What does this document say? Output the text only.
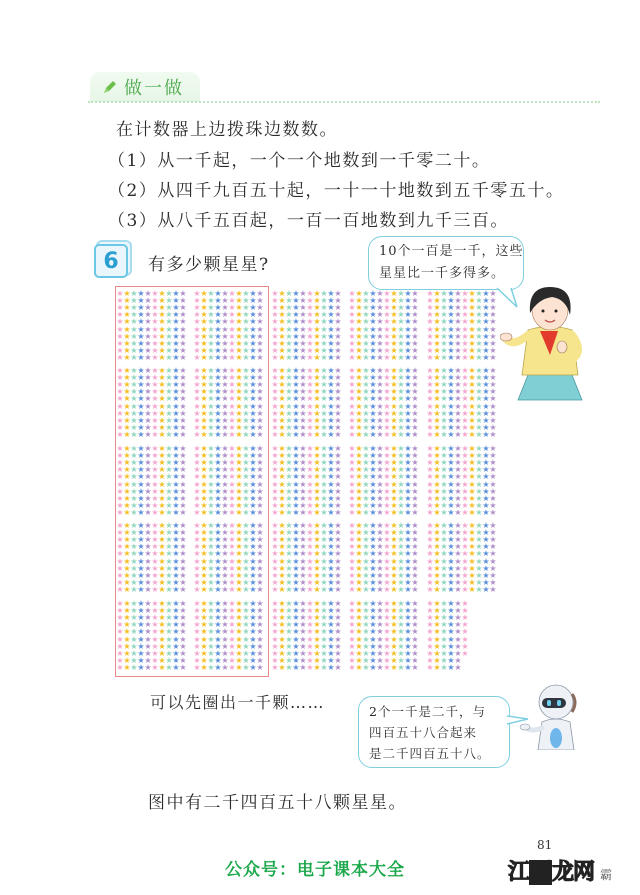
做一做
在计数器上边拨珠边数数。
（1）从一千起，一个一个地数到一千零二十。
（2）从四千九百五十起，一十一十地数到五千零五十。
（3）从八千五百起，一百一百地数到九千三百。
6	有多少颗星星?
10个一百是一千，这些
星星比一千多得多。
★ ★ ★ ★ ★ ★ ★ ★ ★ ★
★ ★ ★ ★ ★ ★ ★ ★ ★ ★
★ ★ ★ ★ ★ ★ ★ ★ ★ ★
★ ★ ★ ★ ★ ★ ★ ★ ★ ★
★ ★ ★ ★ ★ ★ ★ ★ ★ ★
★ ★ ★ ★ ★ ★ ★ ★ ★ ★
★ ★ ★ ★ ★ ★ ★ ★ ★ ★
★ ★ ★ ★ ★ ★ ★ ★ ★ ★
★ ★ ★ ★ ★ ★ ★ ★ ★ ★
★ ★ ★ ★ ★ ★ ★ ★ ★ ★
★ ★ ★ ★ ★ ★ ★ ★ ★ ★
★ ★ ★ ★ ★ ★ ★ ★ ★ ★
★ ★ ★ ★ ★ ★ ★ ★ ★ ★
★ ★ ★ ★ ★ ★ ★ ★ ★ ★
★ ★ ★ ★ ★ ★ ★ ★ ★ ★
★ ★ ★ ★ ★ ★ ★ ★ ★ ★
★ ★ ★ ★ ★ ★ ★ ★ ★ ★
★ ★ ★ ★ ★ ★ ★ ★ ★ ★
★ ★ ★ ★ ★ ★ ★ ★ ★ ★
★ ★ ★ ★ ★ ★ ★ ★ ★ ★
★ ★ ★ ★ ★ ★ ★ ★ ★ ★
★ ★ ★ ★ ★ ★ ★ ★ ★ ★
★ ★ ★ ★ ★ ★ ★ ★ ★ ★
★ ★ ★ ★ ★ ★ ★ ★ ★ ★
★ ★ ★ ★ ★ ★ ★ ★ ★ ★
★ ★ ★ ★ ★ ★ ★ ★ ★ ★
★ ★ ★ ★ ★ ★ ★ ★ ★ ★
★ ★ ★ ★ ★ ★ ★ ★ ★ ★
★ ★ ★ ★ ★ ★ ★ ★ ★ ★
★ ★ ★ ★ ★ ★ ★ ★ ★ ★
★ ★ ★ ★ ★ ★ ★ ★ ★ ★
★ ★ ★ ★ ★ ★ ★ ★ ★ ★
★ ★ ★ ★ ★ ★ ★ ★ ★ ★
★ ★ ★ ★ ★ ★ ★ ★ ★ ★
★ ★ ★ ★ ★ ★ ★ ★ ★ ★
★ ★ ★ ★ ★ ★ ★ ★ ★ ★
★ ★ ★ ★ ★ ★ ★ ★ ★ ★
★ ★ ★ ★ ★ ★ ★ ★ ★ ★
★ ★ ★ ★ ★ ★ ★ ★ ★ ★
★ ★ ★ ★ ★ ★ ★ ★ ★ ★
★ ★ ★ ★ ★ ★ ★ ★ ★ ★
★ ★ ★ ★ ★ ★ ★ ★ ★ ★
★ ★ ★ ★ ★ ★ ★ ★ ★ ★
★ ★ ★ ★ ★ ★ ★ ★ ★ ★
★ ★ ★ ★ ★ ★ ★ ★ ★ ★
★ ★ ★ ★ ★ ★ ★ ★ ★ ★
★ ★ ★ ★ ★ ★ ★ ★ ★ ★
★ ★ ★ ★ ★ ★ ★ ★ ★ ★
★ ★ ★ ★ ★ ★ ★ ★ ★ ★
★ ★ ★ ★ ★ ★ ★ ★ ★ ★
★ ★ ★ ★ ★ ★ ★ ★ ★ ★
★ ★ ★ ★ ★ ★ ★ ★ ★ ★
★ ★ ★ ★ ★ ★ ★ ★ ★ ★
★ ★ ★ ★ ★ ★ ★ ★ ★ ★
★ ★ ★ ★ ★ ★ ★ ★ ★ ★
★ ★ ★ ★ ★ ★ ★ ★ ★ ★
★ ★ ★ ★ ★ ★ ★ ★ ★ ★
★ ★ ★ ★ ★ ★ ★ ★ ★ ★
★ ★ ★ ★ ★ ★ ★ ★ ★ ★
★ ★ ★ ★ ★ ★ ★ ★ ★ ★
★ ★ ★ ★ ★ ★ ★ ★ ★ ★
★ ★ ★ ★ ★ ★ ★ ★ ★ ★
★ ★ ★ ★ ★ ★ ★ ★ ★ ★
★ ★ ★ ★ ★ ★ ★ ★ ★ ★
★ ★ ★ ★ ★ ★ ★ ★ ★ ★
★ ★ ★ ★ ★ ★ ★ ★ ★ ★
★ ★ ★ ★ ★ ★ ★ ★ ★ ★
★ ★ ★ ★ ★ ★ ★ ★ ★ ★
★ ★ ★ ★ ★ ★ ★ ★ ★ ★
★ ★ ★ ★ ★ ★ ★ ★ ★ ★
★ ★ ★ ★ ★ ★ ★ ★ ★ ★
★ ★ ★ ★ ★ ★ ★ ★ ★ ★
★ ★ ★ ★ ★ ★ ★ ★ ★ ★
★ ★ ★ ★ ★ ★ ★ ★ ★ ★
★ ★ ★ ★ ★ ★ ★ ★ ★ ★
★ ★ ★ ★ ★ ★ ★ ★ ★ ★
★ ★ ★ ★ ★ ★ ★ ★ ★ ★
★ ★ ★ ★ ★ ★ ★ ★ ★ ★
★ ★ ★ ★ ★ ★ ★ ★ ★ ★
★ ★ ★ ★ ★ ★ ★ ★ ★ ★
★ ★ ★ ★ ★ ★ ★ ★ ★ ★
★ ★ ★ ★ ★ ★ ★ ★ ★ ★
★ ★ ★ ★ ★ ★ ★ ★ ★ ★
★ ★ ★ ★ ★ ★ ★ ★ ★ ★
★ ★ ★ ★ ★ ★ ★ ★ ★ ★
★ ★ ★ ★ ★ ★ ★ ★ ★ ★
★ ★ ★ ★ ★ ★ ★ ★ ★ ★
★ ★ ★ ★ ★ ★ ★ ★ ★ ★
★ ★ ★ ★ ★ ★ ★ ★ ★ ★
★ ★ ★ ★ ★ ★ ★ ★ ★ ★
★ ★ ★ ★ ★ ★ ★ ★ ★ ★
★ ★ ★ ★ ★ ★ ★ ★ ★ ★
★ ★ ★ ★ ★ ★ ★ ★ ★ ★
★ ★ ★ ★ ★ ★ ★ ★ ★ ★
★ ★ ★ ★ ★ ★ ★ ★ ★ ★
★ ★ ★ ★ ★ ★ ★ ★ ★ ★
★ ★ ★ ★ ★ ★ ★ ★ ★ ★
★ ★ ★ ★ ★ ★ ★ ★ ★ ★
★ ★ ★ ★ ★ ★ ★ ★ ★ ★
★ ★ ★ ★ ★ ★ ★ ★ ★ ★
★ ★ ★ ★ ★ ★ ★ ★ ★ ★
★ ★ ★ ★ ★ ★ ★ ★ ★ ★
★ ★ ★ ★ ★ ★ ★ ★ ★ ★
★ ★ ★ ★ ★ ★ ★ ★ ★ ★
★ ★ ★ ★ ★ ★ ★ ★ ★ ★
★ ★ ★ ★ ★ ★ ★ ★ ★ ★
★ ★ ★ ★ ★ ★ ★ ★ ★ ★
★ ★ ★ ★ ★ ★ ★ ★ ★ ★
★ ★ ★ ★ ★ ★ ★ ★ ★ ★
★ ★ ★ ★ ★ ★ ★ ★ ★ ★
★ ★ ★ ★ ★ ★ ★ ★ ★ ★
★ ★ ★ ★ ★ ★ ★ ★ ★ ★
★ ★ ★ ★ ★ ★ ★ ★ ★ ★
★ ★ ★ ★ ★ ★ ★ ★ ★ ★
★ ★ ★ ★ ★ ★ ★ ★ ★ ★
★ ★ ★ ★ ★ ★ ★ ★ ★ ★
★ ★ ★ ★ ★ ★ ★ ★ ★ ★
★ ★ ★ ★ ★ ★ ★ ★ ★ ★
★ ★ ★ ★ ★ ★ ★ ★ ★ ★
★ ★ ★ ★ ★ ★ ★ ★ ★ ★
★ ★ ★ ★ ★ ★ ★ ★ ★ ★
★ ★ ★ ★ ★ ★ ★ ★ ★ ★
★ ★ ★ ★ ★ ★ ★ ★ ★ ★
★ ★ ★ ★ ★ ★ ★ ★ ★ ★
★ ★ ★ ★ ★ ★ ★ ★ ★ ★
★ ★ ★ ★ ★ ★ ★ ★ ★ ★
★ ★ ★ ★ ★ ★ ★ ★ ★ ★
★ ★ ★ ★ ★ ★ ★ ★ ★ ★
★ ★ ★ ★ ★ ★ ★ ★ ★ ★
★ ★ ★ ★ ★ ★ ★ ★ ★ ★
★ ★ ★ ★ ★ ★ ★ ★ ★ ★
★ ★ ★ ★ ★ ★ ★ ★ ★ ★
★ ★ ★ ★ ★ ★ ★ ★ ★ ★
★ ★ ★ ★ ★ ★ ★ ★ ★ ★
★ ★ ★ ★ ★ ★ ★ ★ ★ ★
★ ★ ★ ★ ★ ★ ★ ★ ★ ★
★ ★ ★ ★ ★ ★ ★ ★ ★ ★
★ ★ ★ ★ ★ ★ ★ ★ ★ ★
★ ★ ★ ★ ★ ★ ★ ★ ★ ★
★ ★ ★ ★ ★ ★ ★ ★ ★ ★
★ ★ ★ ★ ★ ★ ★ ★ ★ ★
★ ★ ★ ★ ★ ★ ★ ★ ★ ★
★ ★ ★ ★ ★ ★ ★ ★ ★ ★
★ ★ ★ ★ ★ ★ ★ ★ ★ ★
★ ★ ★ ★ ★ ★ ★ ★ ★ ★
★ ★ ★ ★ ★ ★ ★ ★ ★ ★
★ ★ ★ ★ ★ ★ ★ ★ ★ ★
★ ★ ★ ★ ★ ★ ★ ★ ★ ★
★ ★ ★ ★ ★ ★ ★ ★ ★ ★
★ ★ ★ ★ ★ ★ ★ ★ ★ ★
★ ★ ★ ★ ★ ★ ★ ★ ★ ★
★ ★ ★ ★ ★ ★ ★ ★ ★ ★
★ ★ ★ ★ ★ ★ ★ ★ ★ ★
★ ★ ★ ★ ★ ★ ★ ★ ★ ★
★ ★ ★ ★ ★ ★ ★ ★ ★ ★
★ ★ ★ ★ ★ ★ ★ ★ ★ ★
★ ★ ★ ★ ★ ★ ★ ★ ★ ★
★ ★ ★ ★ ★ ★ ★ ★ ★ ★
★ ★ ★ ★ ★ ★ ★ ★ ★ ★
★ ★ ★ ★ ★ ★ ★ ★ ★ ★
★ ★ ★ ★ ★ ★ ★ ★ ★ ★
★ ★ ★ ★ ★ ★ ★ ★ ★ ★
★ ★ ★ ★ ★ ★ ★ ★ ★ ★
★ ★ ★ ★ ★ ★ ★ ★ ★ ★
★ ★ ★ ★ ★ ★ ★ ★ ★ ★
★ ★ ★ ★ ★ ★ ★ ★ ★ ★
★ ★ ★ ★ ★ ★ ★ ★ ★ ★
★ ★ ★ ★ ★ ★ ★ ★ ★ ★
★ ★ ★ ★ ★ ★ ★ ★ ★ ★
★ ★ ★ ★ ★ ★ ★ ★ ★ ★
★ ★ ★ ★ ★ ★ ★ ★ ★ ★
★ ★ ★ ★ ★ ★ ★ ★ ★ ★
★ ★ ★ ★ ★ ★ ★ ★ ★ ★
★ ★ ★ ★ ★ ★ ★ ★ ★ ★
★ ★ ★ ★ ★ ★ ★ ★ ★ ★
★ ★ ★ ★ ★ ★ ★ ★ ★ ★
★ ★ ★ ★ ★ ★ ★ ★ ★ ★
★ ★ ★ ★ ★ ★ ★ ★ ★ ★
★ ★ ★ ★ ★ ★ ★ ★ ★ ★
★ ★ ★ ★ ★ ★ ★ ★ ★ ★
★ ★ ★ ★ ★ ★ ★ ★ ★ ★
★ ★ ★ ★ ★ ★ ★ ★ ★ ★
★ ★ ★ ★ ★ ★ ★ ★ ★ ★
★ ★ ★ ★ ★ ★ ★ ★ ★ ★
★ ★ ★ ★ ★ ★ ★ ★ ★ ★
★ ★ ★ ★ ★ ★ ★ ★ ★ ★
★ ★ ★ ★ ★ ★ ★ ★ ★ ★
★ ★ ★ ★ ★ ★ ★ ★ ★ ★
★ ★ ★ ★ ★ ★ ★ ★ ★ ★
★ ★ ★ ★ ★ ★ ★ ★ ★ ★
★ ★ ★ ★ ★ ★ ★ ★ ★ ★
★ ★ ★ ★ ★ ★ ★ ★ ★ ★
★ ★ ★ ★ ★ ★ ★ ★ ★ ★
★ ★ ★ ★ ★ ★ ★ ★ ★ ★
★ ★ ★ ★ ★ ★ ★ ★ ★ ★
★ ★ ★ ★ ★ ★ ★ ★ ★ ★
★ ★ ★ ★ ★ ★ ★ ★ ★ ★
★ ★ ★ ★ ★ ★ ★ ★ ★ ★
★ ★ ★ ★ ★ ★ ★ ★ ★ ★
★ ★ ★ ★ ★ ★ ★ ★ ★ ★
★ ★ ★ ★ ★ ★ ★ ★ ★ ★
★ ★ ★ ★ ★ ★ ★ ★ ★ ★
★ ★ ★ ★ ★ ★ ★ ★ ★ ★
★ ★ ★ ★ ★ ★ ★ ★ ★ ★
★ ★ ★ ★ ★ ★ ★ ★ ★ ★
★ ★ ★ ★ ★ ★ ★ ★ ★ ★
★ ★ ★ ★ ★ ★ ★ ★ ★ ★
★ ★ ★ ★ ★ ★ ★ ★ ★ ★
★ ★ ★ ★ ★ ★ ★ ★ ★ ★
★ ★ ★ ★ ★ ★ ★ ★ ★ ★
★ ★ ★ ★ ★ ★ ★ ★ ★ ★
★ ★ ★ ★ ★ ★ ★ ★ ★ ★
★ ★ ★ ★ ★ ★ ★ ★ ★ ★
★ ★ ★ ★ ★ ★ ★ ★ ★ ★
★ ★ ★ ★ ★ ★ ★ ★ ★ ★
★ ★ ★ ★ ★ ★ ★ ★ ★ ★
★ ★ ★ ★ ★ ★ ★ ★ ★ ★
★ ★ ★ ★ ★ ★ ★ ★ ★ ★
★ ★ ★ ★ ★ ★ ★ ★ ★ ★
★ ★ ★ ★ ★ ★ ★ ★ ★ ★
★ ★ ★ ★ ★ ★ ★ ★ ★ ★
★ ★ ★ ★ ★ ★ ★ ★ ★ ★
★ ★ ★ ★ ★ ★ ★ ★ ★ ★
★ ★ ★ ★ ★ ★ ★ ★ ★ ★
★ ★ ★ ★ ★ ★ ★ ★ ★ ★
★ ★ ★ ★ ★ ★ ★ ★ ★ ★
★ ★ ★ ★ ★ ★ ★ ★ ★ ★
★ ★ ★ ★ ★ ★ ★ ★ ★ ★
★ ★ ★ ★ ★ ★ ★ ★ ★ ★
★ ★ ★ ★ ★ ★ ★ ★ ★ ★
★ ★ ★ ★ ★ ★ ★ ★ ★ ★
★ ★ ★ ★ ★ ★ ★ ★ ★ ★
★ ★ ★ ★ ★ ★ ★ ★ ★ ★
★ ★ ★ ★ ★ ★ ★ ★ ★ ★
★ ★ ★ ★ ★ ★ ★ ★ ★ ★
★ ★ ★ ★ ★ ★ ★ ★ ★ ★
★ ★ ★ ★ ★ ★ ★ ★ ★ ★
★ ★ ★ ★ ★ ★ ★ ★ ★ ★
★ ★ ★ ★ ★ ★ ★ ★ ★ ★
★ ★ ★ ★ ★ ★ ★ ★ ★ ★
★ ★ ★ ★ ★ ★
★ ★ ★ ★ ★ ★
★ ★ ★ ★ ★ ★
★ ★ ★ ★ ★ ★
★ ★ ★ ★ ★ ★
★ ★ ★ ★ ★ ★
★ ★ ★ ★ ★ ★
★ ★ ★ ★ ★ ★
★ ★ ★ ★ ★
★ ★ ★ ★ ★
可以先圈出一千颗……	2个一千是二千，与
四百五十八合起来
是二千四百五十八。
图中有二千四百五十八颗星星。
81
公众号：电子课本大全	江西龙网 霸
